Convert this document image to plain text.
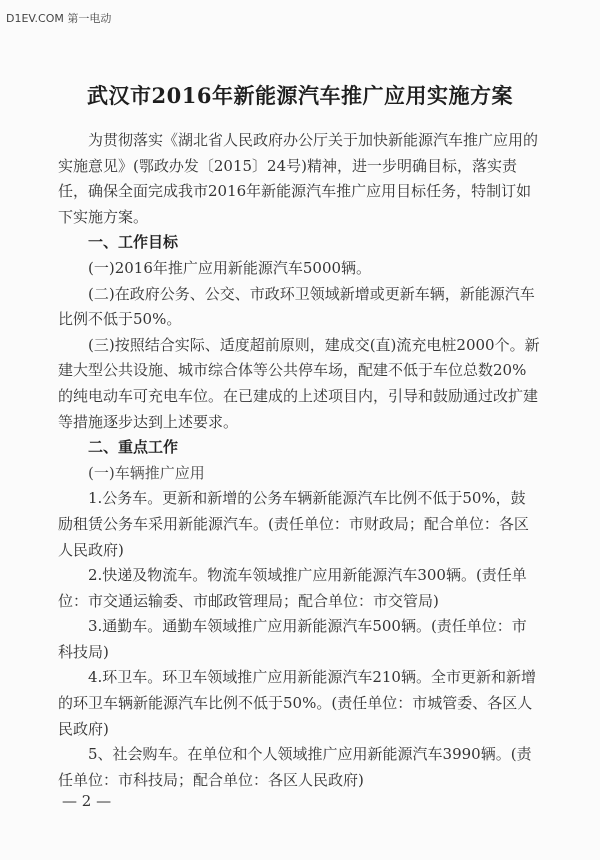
D1EV.COM 第一电动
武汉市2016年新能源汽车推广应用实施方案

为贯彻落实《湖北省人民政府办公厅关于加快新能源汽车推广应用的实施意见》(鄂政办发〔2015〕24号)精神，进一步明确目标，落实责任，确保全面完成我市2016年新能源汽车推广应用目标任务，特制订如下实施方案。

一、工作目标

(一)2016年推广应用新能源汽车5000辆。

(二)在政府公务、公交、市政环卫领域新增或更新车辆，新能源汽车比例不低于50%。

(三)按照结合实际、适度超前原则，建成交(直)流充电桩2000个。新建大型公共设施、城市综合体等公共停车场，配建不低于车位总数20%的纯电动车可充电车位。在已建成的上述项目内，引导和鼓励通过改扩建等措施逐步达到上述要求。

二、重点工作

(一)车辆推广应用

1.公务车。更新和新增的公务车辆新能源汽车比例不低于50%，鼓励租赁公务车采用新能源汽车。(责任单位：市财政局；配合单位：各区人民政府)

2.快递及物流车。物流车领域推广应用新能源汽车300辆。(责任单位：市交通运输委、市邮政管理局；配合单位：市交管局)

3.通勤车。通勤车领域推广应用新能源汽车500辆。(责任单位：市科技局)

4.环卫车。环卫车领域推广应用新能源汽车210辆。全市更新和新增的环卫车辆新能源汽车比例不低于50%。(责任单位：市城管委、各区人民政府)

5、社会购车。在单位和个人领域推广应用新能源汽车3990辆。(责任单位：市科技局；配合单位：各区人民政府)

— 2 —
